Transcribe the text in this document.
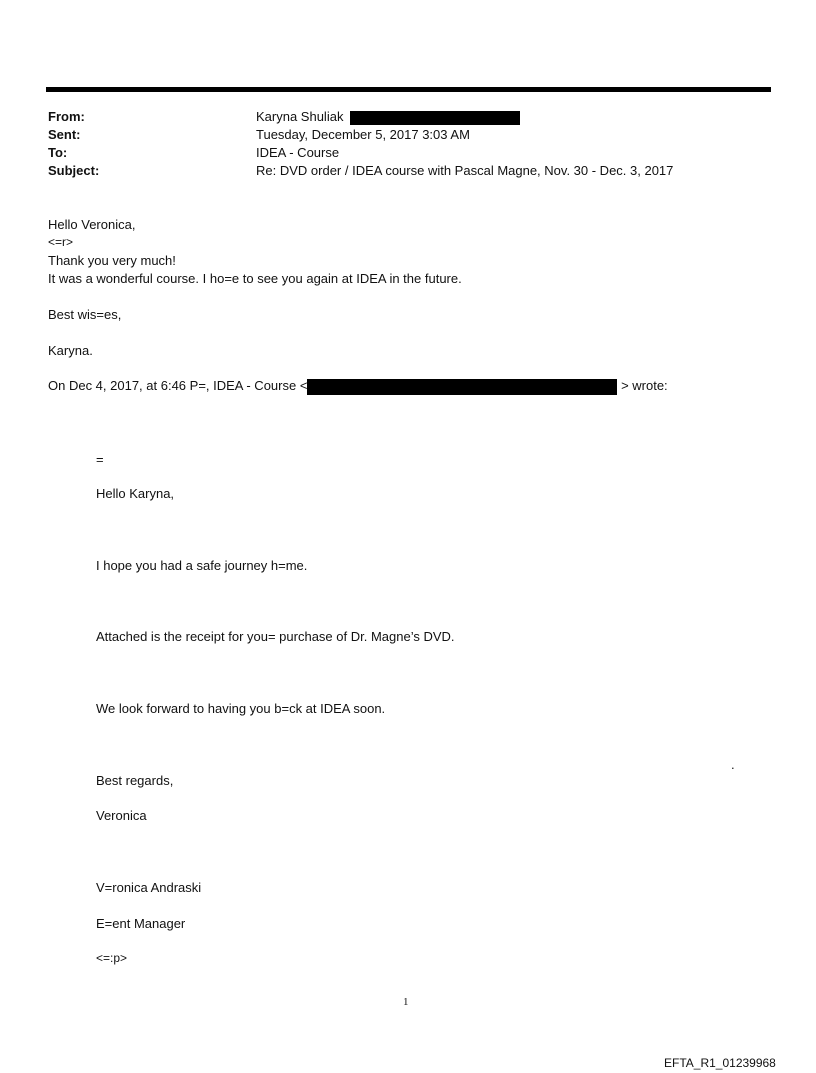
From:	Karyna Shuliak
Sent:	Tuesday, December 5, 2017 3:03 AM
To:	IDEA - Course
Subject:	Re: DVD order / IDEA course with Pascal Magne, Nov. 30 - Dec. 3, 2017
Hello Veronica,
<=r>
Thank you very much!
It was a wonderful course. I ho=e to see you again at IDEA in the future.
Best wis=es,
Karyna.
On Dec 4, 2017, at 6:46 P=, IDEA - Course <	> wrote:
=
Hello Karyna,
I hope you had a safe journey h=me.
Attached is the receipt for you= purchase of Dr. Magne’s DVD.
We look forward to having you b=ck at IDEA soon.
.
Best regards,
Veronica
V=ronica Andraski
E=ent Manager
<=:p>
1
EFTA_R1_01239968
